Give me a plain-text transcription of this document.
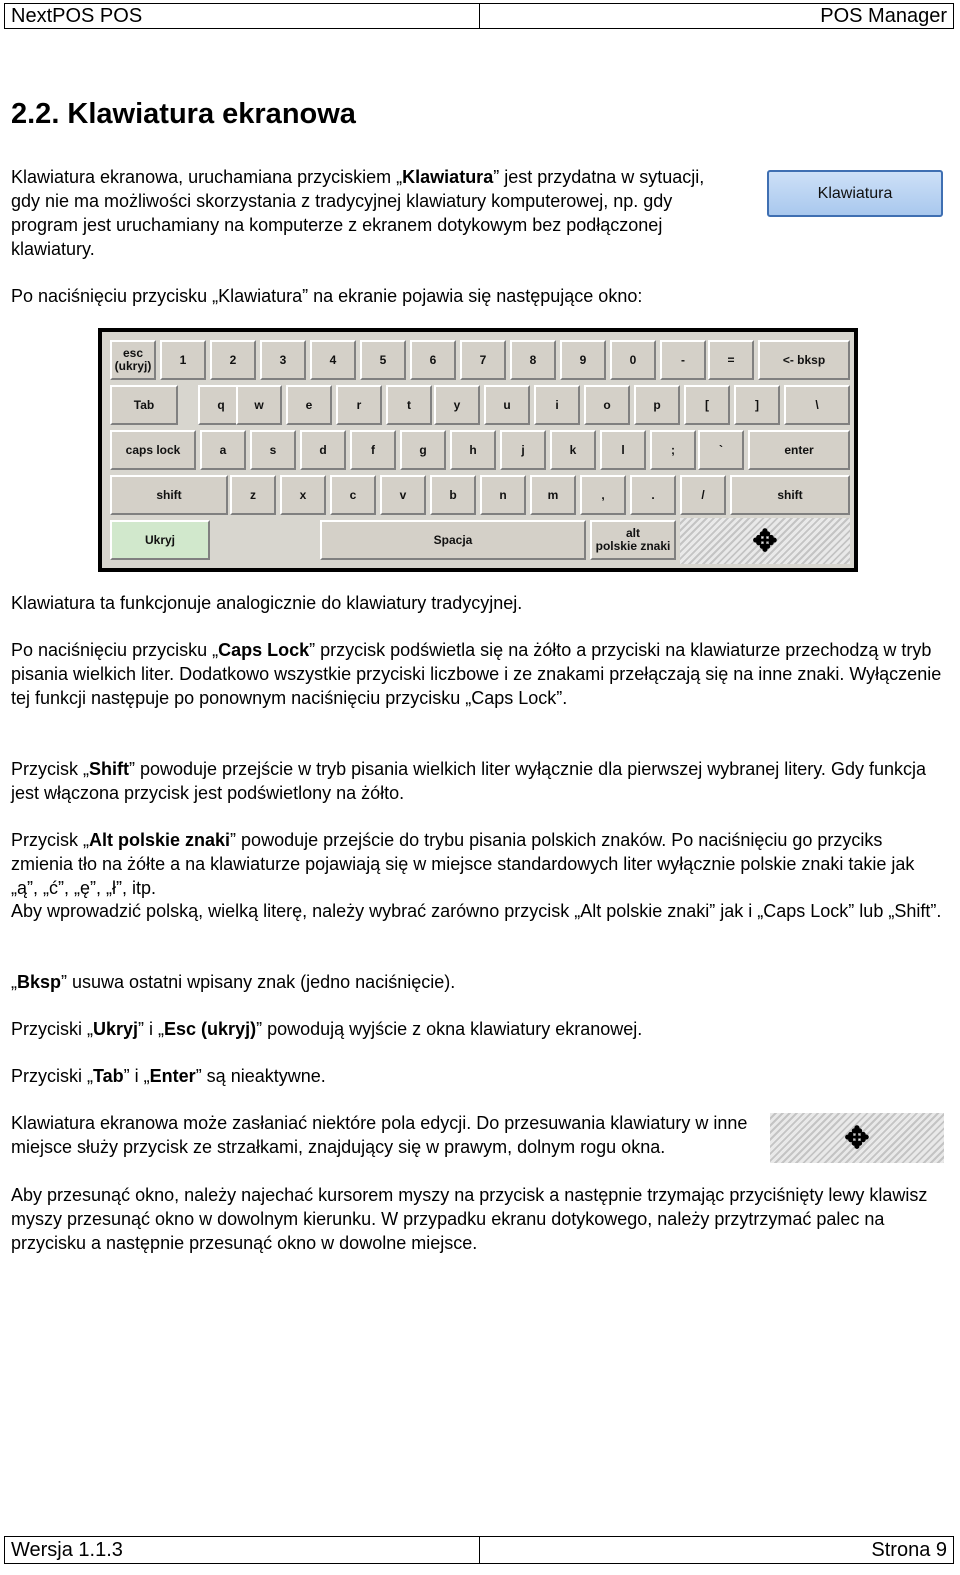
NextPOS POS	POS Manager
2.2. Klawiatura ekranowa

Klawiatura ekranowa, uruchamiana przyciskiem „Klawiatura” jest przydatna w sytuacji, gdy nie ma możliwości skorzystania z tradycyjnej klawiatury komputerowej, np. gdy program jest uruchamiany na komputerze z ekranem dotykowym bez podłączonej klawiatury.

Klawiatura

Po naciśnięciu przycisku „Klawiatura” na ekranie pojawia się następujące okno:

esc
(ukryj)	1	2	3	4	5	6	7	8	9	0	-	=	<- bksp
Tab	q	w	e	r	t	y	u	i	o	p	[	]	\
caps lock	a	s	d	f	g	h	j	k	l	;	`	enter
shift	z	x	c	v	b	n	m	,	.	/	shift
Ukryj	Spacja	alt
polskie znaki	✥

Klawiatura ta funkcjonuje analogicznie do klawiatury tradycyjnej.

Po naciśnięciu przycisku „Caps Lock” przycisk podświetla się na żółto a przyciski na klawiaturze przechodzą w tryb pisania wielkich liter. Dodatkowo wszystkie przyciski liczbowe i ze znakami przełączają się na inne znaki. Wyłączenie tej funkcji następuje po ponownym naciśnięciu przycisku „Caps Lock”.

Przycisk „Shift” powoduje przejście w tryb pisania wielkich liter wyłącznie dla pierwszej wybranej litery. Gdy funkcja jest włączona przycisk jest podświetlony na żółto.

Przycisk „Alt polskie znaki” powoduje przejście do trybu pisania polskich znaków. Po naciśnięciu go przyciks zmienia tło na żółte a na klawiaturze pojawiają się w miejsce standardowych liter wyłącznie polskie znaki takie jak „ą”, „ć”, „ę”, „ł”, itp.

Aby wprowadzić polską, wielką literę, należy wybrać zarówno przycisk „Alt polskie znaki” jak i „Caps Lock” lub „Shift”.

„Bksp” usuwa ostatni wpisany znak (jedno naciśnięcie).

Przyciski „Ukryj” i „Esc (ukryj)” powodują wyjście z okna klawiatury ekranowej.

Przyciski „Tab” i „Enter” są nieaktywne.

Klawiatura ekranowa może zasłaniać niektóre pola edycji. Do przesuwania klawiatury w inne miejsce służy przycisk ze strzałkami, znajdujący się w prawym, dolnym rogu okna.	✥

Aby przesunąć okno, należy najechać kursorem myszy na przycisk a następnie trzymając przyciśnięty lewy klawisz myszy przesunąć okno w dowolnym kierunku. W przypadku ekranu dotykowego, należy przytrzymać palec na przycisku a następnie przesunąć okno w dowolne miejsce.

Wersja 1.1.3	Strona 9
